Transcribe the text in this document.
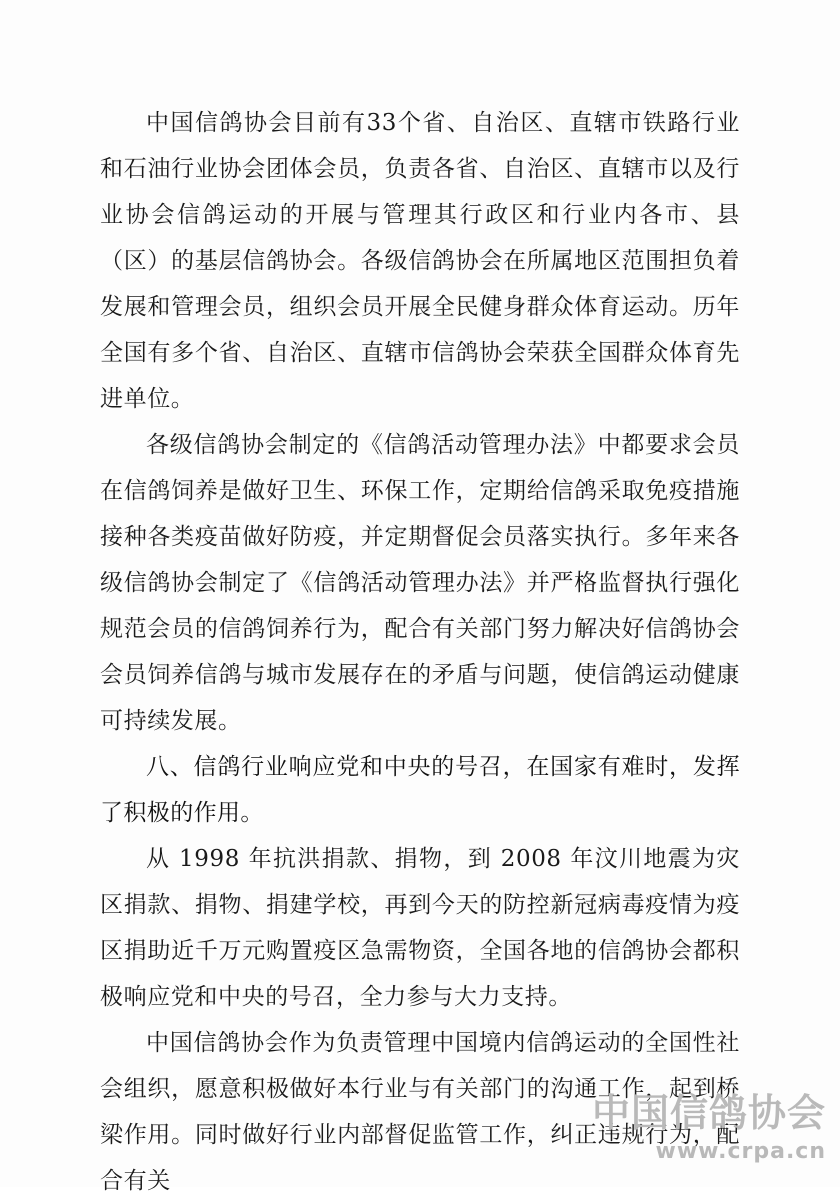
中国信鸽协会目前有33个省、自治区、直辖市铁路行业和石油行业协会团体会员，负责各省、自治区、直辖市以及行业协会信鸽运动的开展与管理其行政区和行业内各市、县（区）的基层信鸽协会。各级信鸽协会在所属地区范围担负着发展和管理会员，组织会员开展全民健身群众体育运动。历年全国有多个省、自治区、直辖市信鸽协会荣获全国群众体育先进单位。

各级信鸽协会制定的《信鸽活动管理办法》中都要求会员在信鸽饲养是做好卫生、环保工作，定期给信鸽采取免疫措施接种各类疫苗做好防疫，并定期督促会员落实执行。多年来各级信鸽协会制定了《信鸽活动管理办法》并严格监督执行强化规范会员的信鸽饲养行为，配合有关部门努力解决好信鸽协会会员饲养信鸽与城市发展存在的矛盾与问题，使信鸽运动健康可持续发展。

八、信鸽行业响应党和中央的号召，在国家有难时，发挥了积极的作用。

从 1998 年抗洪捐款、捐物，到 2008 年汶川地震为灾区捐款、捐物、捐建学校，再到今天的防控新冠病毒疫情为疫区捐助近千万元购置疫区急需物资，全国各地的信鸽协会都积极响应党和中央的号召，全力参与大力支持。

中国信鸽协会作为负责管理中国境内信鸽运动的全国性社会组织，愿意积极做好本行业与有关部门的沟通工作，起到桥梁作用。同时做好行业内部督促监管工作，纠正违规行为，配合有关

中国信鸽协会
www.crpa.cn
